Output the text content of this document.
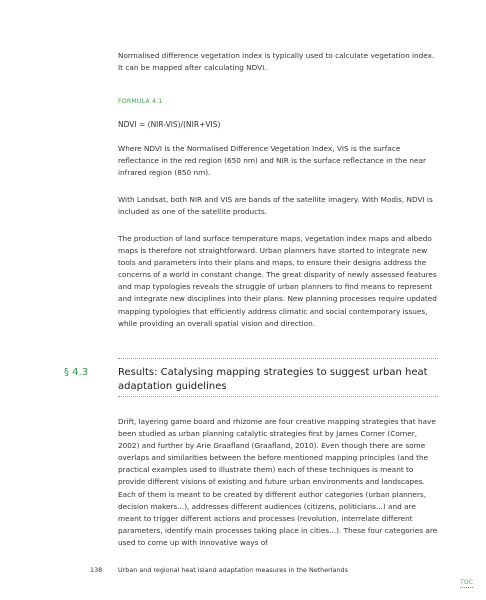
Normalised difference vegetation index is typically used to calculate vegetation index. It can be mapped after calculating NDVI.

FORMULA 4.1

NDVI = (NIR-VIS)/(NIR+VIS)

Where NDVI is the Normalised Difference Vegetation Index, VIS is the surface reflectance in the red region (650 nm) and NIR is the surface reflectance in the near infrared region (850 nm).

With Landsat, both NIR and VIS are bands of the satellite imagery. With Modis, NDVI is included as one of the satellite products.

The production of land surface temperature maps, vegetation index maps and albedo maps is therefore not straightforward. Urban planners have started to integrate new tools and parameters into their plans and maps, to ensure their designs address the concerns of a world in constant change. The great disparity of newly assessed features and map typologies reveals the struggle of urban planners to find means to represent and integrate new disciplines into their plans. New planning processes require updated mapping typologies that efficiently address climatic and social contemporary issues, while providing an overall spatial vision and direction.

§ 4.3	Results: Catalysing mapping strategies to suggest urban heat adaptation guidelines

Drift, layering game board and rhizome are four creative mapping strategies that have been studied as urban planning catalytic strategies first by James Corner (Corner, 2002) and further by Arie Graafland (Graafland, 2010). Even though there are some overlaps and similarities between the before mentioned mapping principles (and the practical examples used to illustrate them) each of these techniques is meant to provide different visions of existing and future urban environments and landscapes. Each of them is meant to be created by different author categories (urban planners, decision makers...), addresses different audiences (citizens, politicians...) and are meant to trigger different actions and processes (revolution, interrelate different parameters, identify main processes taking place in cities...). These four categories are used to come up with innovative ways of

138 Urban and regional heat island adaptation measures in the Netherlands
TOC
